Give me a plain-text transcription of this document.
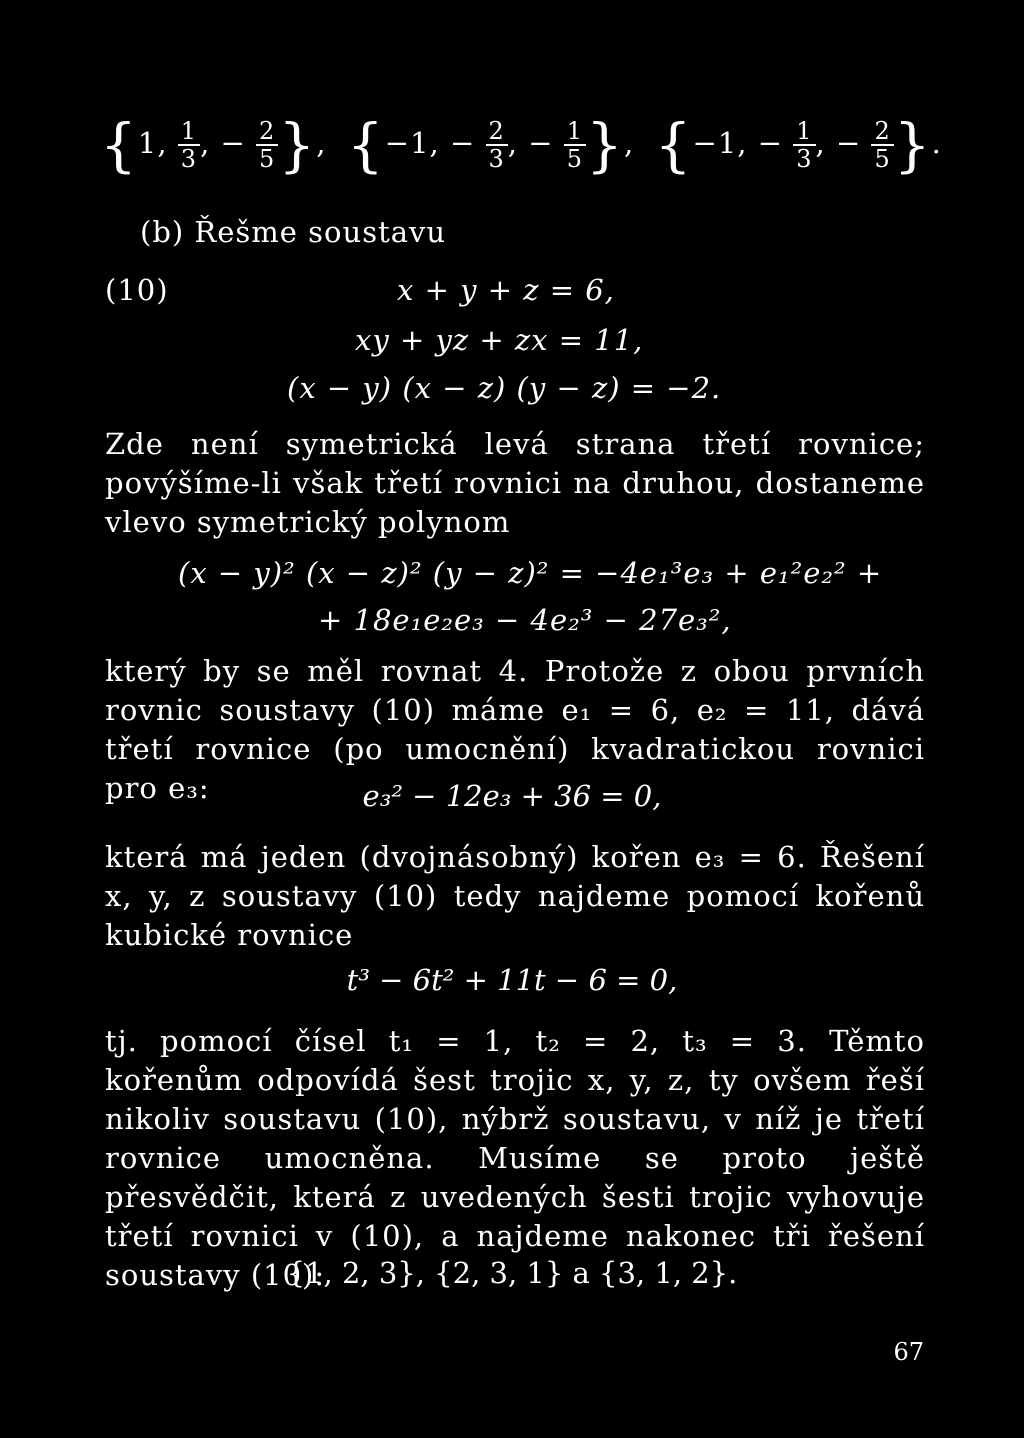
{1, $\frac{1}{3}$ , − $\frac{2}{5}$ },  {−1, − $\frac{2}{3}$ , − $\frac{1}{5}$ },  {−1, − $\frac{1}{3}$ , − $\frac{2}{5}$ }.
(b) Řešme soustavu
(10)	x + y + z = 6,
xy + yz + zx = 11,
(x − y) (x − z) (y − z) = −2.
Zde není symetrická levá strana třetí rovnice; povýšíme-li však třetí rovnici na druhou, dostaneme vlevo symetrický polynom
(x − y)² (x − z)² (y − z)² = −4e₁³e₃ + e₁²e₂² +
+ 18e₁e₂e₃ − 4e₂³ − 27e₃²,
který by se měl rovnat 4. Protože z obou prvních rovnic soustavy (10) máme e₁ = 6, e₂ = 11, dává třetí rovnice (po umocnění) kvadratickou rovnici pro e₃:	e₃² − 12e₃ + 36 = 0,
která má jeden (dvojnásobný) kořen e₃ = 6. Řešení x, y, z soustavy (10) tedy najdeme pomocí kořenů kubické rovnice
t³ − 6t² + 11t − 6 = 0,
tj. pomocí čísel t₁ = 1, t₂ = 2, t₃ = 3. Těmto kořenům odpovídá šest trojic x, y, z, ty ovšem řeší nikoliv soustavu (10), nýbrž soustavu, v níž je třetí rovnice umocněna. Musíme se proto ještě přesvědčit, která z uvedených šesti trojic vyhovuje třetí rovnici v (10), a najdeme nakonec tři řešení soustavy (10):
{1, 2, 3}, {2, 3, 1} a {3, 1, 2}.
67
